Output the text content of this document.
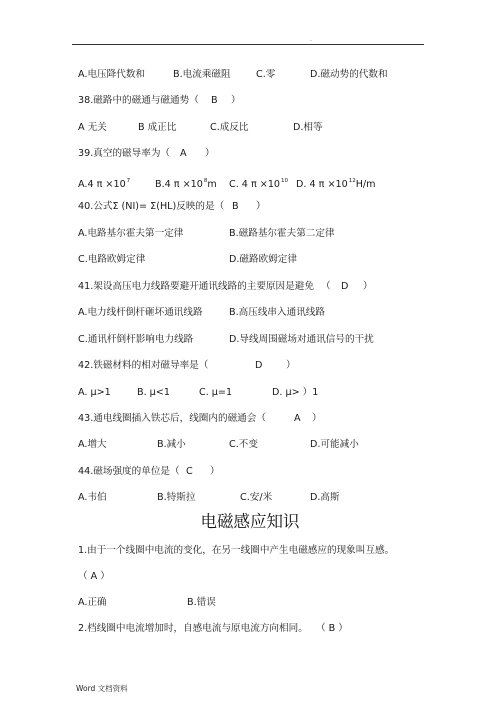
·
A.电压降代数和	B.电流乘磁阻	C.零	D.磁动势的代数和
38.磁路中的磁通与磁通势（ B ）
A 无关	B 成正比	C.成反比	D.相等
39.真空的磁导率为（ A ）
A.4 $\pi \times 10^7$	B.4 $\pi \times 10^8m$ C. 4 $\pi \times 10^{10}$ D. 4 $\pi \times 10^{12}H/m$
40.公式Σ (NI)= Σ(HL)反映的是（ B ）
A.电路基尔霍夫第一定律	B.磁路基尔霍夫第二定律
C.电路欧姆定律	D.磁路欧姆定律
41.架设高压电力线路要避开通讯线路的主要原因是避免 （ D ）
A.电力线杆倒杆砸坏通讯线路	B.高压线串入通讯线路
C.通讯杆倒杆影响电力线路	D.导线周围磁场对通讯信号的干扰
42.铁磁材料的相对磁导率是（	D ）
A. μ>1	B. μ<1	C. μ=1	D. μ> ）1
43.通电线圈插入铁芯后，线圈内的磁通会（	A ）
A.增大	B.减小	C.不变	D.可能减小
44.磁场强度的单位是（ C ）
A.韦伯	B.特斯拉	C.安/米	D.高斯
电磁感应知识
1.由于一个线圈中电流的变化，在另一线圈中产生电磁感应的现象叫互感。
（ A ）
A.正确	B.错误
2.档线圈中电流增加时，自感电流与原电流方向相同。 （ B ）
Word 文档资料
